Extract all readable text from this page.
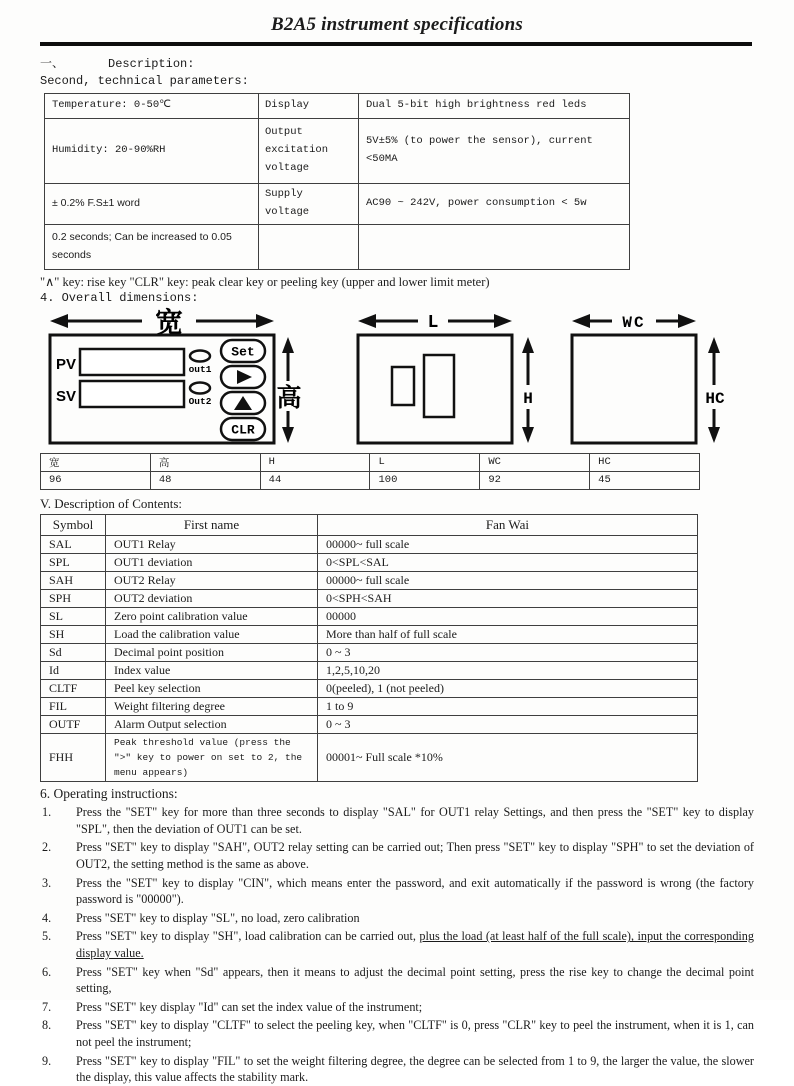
B2A5 instrument specifications
一、	Description:
Second, technical parameters:
Temperature: 0-50℃	Display	Dual 5-bit high brightness red leds
Humidity: 20-90%RH	Output excitation voltage	5V±5% (to power the sensor), current <50MA
± 0.2% F.S±1 word	Supply voltage	AC90 ~ 242V, power consumption < 5w
0.2 seconds; Can be increased to 0.05 seconds		
"∧" key: rise key "CLR" key: peak clear key or peeling key (upper and lower limit meter)
4. Overall dimensions:
宽
PV
SV
out1
Out2
Set
CLR
高
L
H
WC
HC
宽	高	H	L	WC	HC
96	48	44	100	92	45
V. Description of Contents:
Symbol	First name	Fan Wai
SAL	OUT1 Relay	00000~ full scale
SPL	OUT1 deviation	0<SPL<SAL
SAH	OUT2 Relay	00000~ full scale
SPH	OUT2 deviation	0<SPH<SAH
SL	Zero point calibration value	00000
SH	Load the calibration value	More than half of full scale
Sd	Decimal point position	0 ~ 3
Id	Index value	1,2,5,10,20
CLTF	Peel key selection	0(peeled), 1 (not peeled)
FIL	Weight filtering degree	1 to 9
OUTF	Alarm Output selection	0 ~ 3
FHH	Peak threshold value (press the ">" key to power on set to 2, the menu appears)	00001~ Full scale *10%
6. Operating instructions:
1.	Press the "SET" key for more than three seconds to display "SAL" for OUT1 relay Settings, and then press the "SET" key to display "SPL", then the deviation of OUT1 can be set.
2.	Press "SET" key to display "SAH", OUT2 relay setting can be carried out; Then press "SET" key to display "SPH" to set the deviation of OUT2, the setting method is the same as above.
3.	Press the "SET" key to display "CIN", which means enter the password, and exit automatically if the password is wrong (the factory password is "00000").
4.	Press "SET" key to display "SL", no load, zero calibration
5.	Press "SET" key to display "SH", load calibration can be carried out, plus the load (at least half of the full scale), input the corresponding display value.
6.	Press "SET" key when "Sd" appears, then it means to adjust the decimal point setting, press the rise key to change the decimal point setting,
7.	Press "SET" key display "Id" can set the index value of the instrument;
8.	Press "SET" key to display "CLTF" to select the peeling key, when "CLTF" is 0, press "CLR" key to peel the instrument, when it is 1, can not peel the instrument;
9.	Press "SET" key to display "FIL" to set the weight filtering degree, the degree can be selected from 1 to 9, the larger the value, the slower the display, this value affects the stability mark.
